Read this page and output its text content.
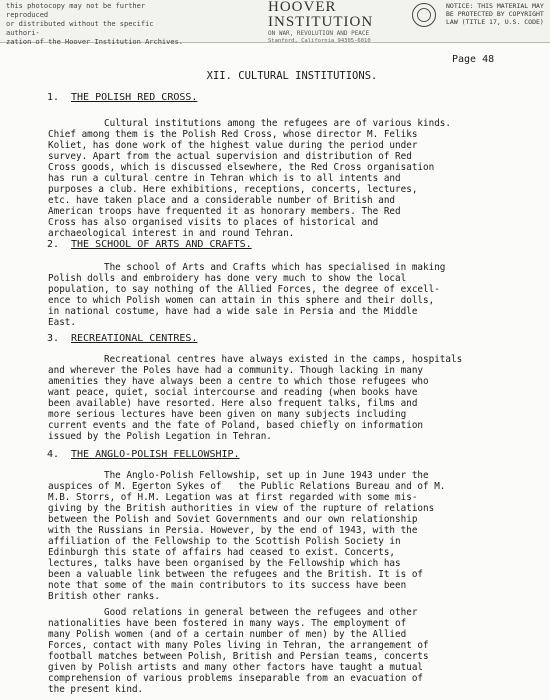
this photocopy may not be further reproduced
or distributed without the specific authori-
zation of the Hoover Institution Archives.
HOOVER INSTITUTION
ON WAR, REVOLUTION AND PEACE
Stanford, California 94305-6010
NOTICE: THIS MATERIAL MAY
BE PROTECTED BY COPYRIGHT
LAW (TITLE 17, U.S. CODE)
Page 48
XII. CULTURAL INSTITUTIONS.
1. THE POLISH RED CROSS.
Cultural institutions among the refugees are of various kinds.
Chief among them is the Polish Red Cross, whose director M. Feliks
Koliet, has done work of the highest value during the period under
survey. Apart from the actual supervision and distribution of Red
Cross goods, which is discussed elsewhere, the Red Cross organisation
has run a cultural centre in Tehran which is to all intents and
purposes a club. Here exhibitions, receptions, concerts, lectures,
etc. have taken place and a considerable number of British and
American troops have frequented it as honorary members. The Red
Cross has also organised visits to places of historical and
archaeological interest in and round Tehran.
2. THE SCHOOL OF ARTS AND CRAFTS.
The school of Arts and Crafts which has specialised in making
Polish dolls and embroidery has done very much to show the local
population, to say nothing of the Allied Forces, the degree of excell-
ence to which Polish women can attain in this sphere and their dolls,
in national costume, have had a wide sale in Persia and the Middle
East.
3. RECREATIONAL CENTRES.
Recreational centres have always existed in the camps, hospitals
and wherever the Poles have had a community. Though lacking in many
amenities they have always been a centre to which those refugees who
want peace, quiet, social intercourse and reading (when books have
been available) have resorted. Here also frequent talks, films and
more serious lectures have been given on many subjects including
current events and the fate of Poland, based chiefly on information
issued by the Polish Legation in Tehran.
4. THE ANGLO-POLISH FELLOWSHIP.
The Anglo-Polish Fellowship, set up in June 1943 under the
auspices of M. Egerton Sykes of   the Public Relations Bureau and of M.
M.B. Storrs, of H.M. Legation was at first regarded with some mis-
giving by the British authorities in view of the rupture of relations
between the Polish and Soviet Governments and our own relationship
with the Russians in Persia. However, by the end of 1943, with the
affiliation of the Fellowship to the Scottish Polish Society in
Edinburgh this state of affairs had ceased to exist. Concerts,
lectures, talks have been organised by the Fellowship which has
been a valuable link between the refugees and the British. It is of
note that some of the main contributors to its success have been
British other ranks.
Good relations in general between the refugees and other
nationalities have been fostered in many ways. The employment of
many Polish women (and of a certain number of men) by the Allied
Forces, contact with many Poles living in Tehran, the arrangement of
football matches between Polish, British and Persian teams, concerts
given by Polish artists and many other factors have taught a mutual
comprehension of various problems inseparable from an evacuation of
the present kind.
